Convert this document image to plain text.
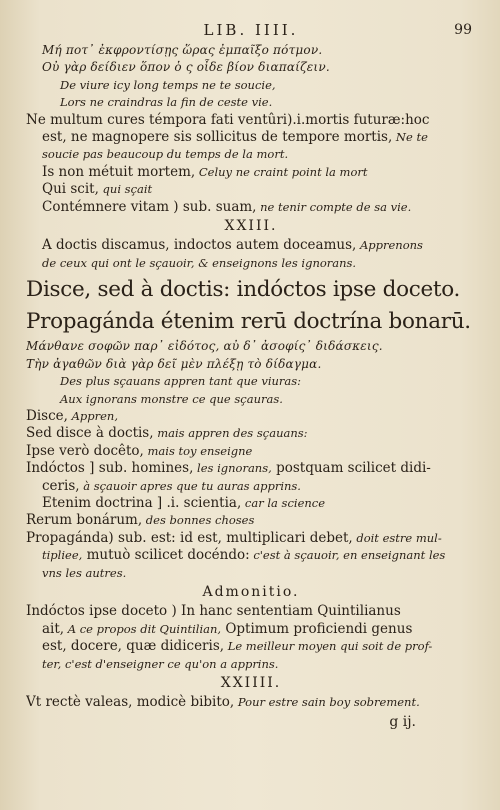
LIB. IIII.	99
Μή ποτ᾽ ἐκφροντίσῃς ὥρας ἐμπαῖξο πότμον.
Οὐ γὰρ δείδιεν ὅπον ὁ ς οἶδε βίον διαπαίζειν.
De viure icy long temps ne te soucie,
Lors ne craindras la fin de ceste vie.
Ne multum cures témpora fati ventûri).i.mortis futuræ:hoc
est, ne magnopere sis sollicitus de tempore mortis, Ne te
soucie pas beaucoup du temps de la mort.
Is non métuit mortem, Celuy ne craint point la mort
Qui scit, qui sçait
Contémnere vitam ) sub. suam, ne tenir compte de sa vie.
XXIII.
A doctis discamus, indoctos autem doceamus, Apprenons
de ceux qui ont le sçauoir, & enseignons les ignorans.
Disce, sed à doctis: indóctos ipse doceto.
Propagánda étenim rerū doctrína bonarū.
Μάνθανε σοφῶν παρ᾽ εἰδότος, αὐ δ᾽ ἀσοφίς᾽ διδάσκεις.
Τὴν ἀγαθῶν διὰ γὰρ δεῖ μὲν πλέξῃ τὸ δίδαγμα.
Des plus sçauans appren tant que viuras:
Aux ignorans monstre ce que sçauras.
Disce, Appren,
Sed disce à doctis, mais appren des sçauans:
Ipse verò docêto, mais toy enseigne
Indóctos ] sub. homines, les ignorans, postquam scilicet didi-
ceris, à sçauoir apres que tu auras apprins.
Etenim doctrina ] .i. scientia, car la science
Rerum bonárum, des bonnes choses
Propagánda) sub. est: id est, multiplicari debet, doit estre mul-
tipliee, mutuò scilicet docéndo: c'est à sçauoir, en enseignant les
vns les autres.
Admonitio.
Indóctos ipse doceto ) In hanc sententiam Quintilianus
ait, A ce propos dit Quintilian, Optimum proficiendi genus
est, docere, quæ didiceris, Le meilleur moyen qui soit de prof-
ter, c'est d'enseigner ce qu'on a apprins.
XXIIII.
Vt rectè valeas, modicè bibito, Pour estre sain boy sobrement.
g ij.
